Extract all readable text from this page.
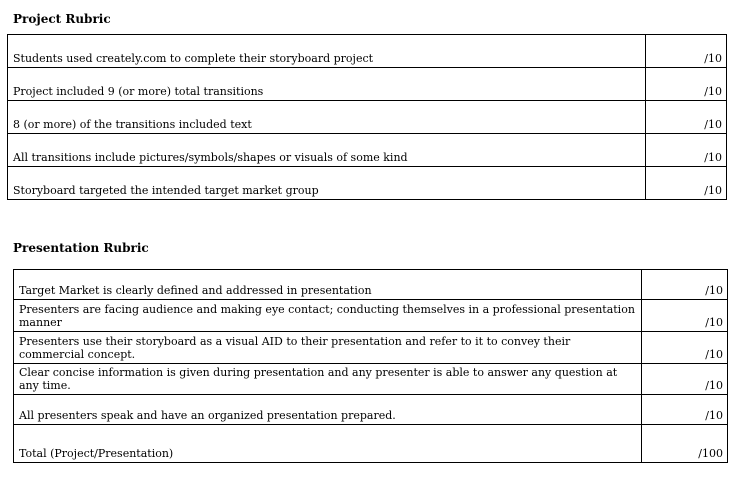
Project Rubric
Students used creately.com to complete their storyboard project	/10
Project included 9 (or more) total transitions	/10
8 (or more) of the transitions included text	/10
All transitions include pictures/symbols/shapes or visuals of some kind	/10
Storyboard targeted the intended target market group	/10
Presentation Rubric
Target Market is clearly defined and addressed in presentation	/10
Presenters are facing audience and making eye contact; conducting themselves in a professional presentation manner	/10
Presenters use their storyboard as a visual AID to their presentation and refer to it to convey their commercial concept.	/10
Clear concise information is given during presentation and any presenter is able to answer any question at any time.	/10
All presenters speak and have an organized presentation prepared.	/10
Total (Project/Presentation)	/100
